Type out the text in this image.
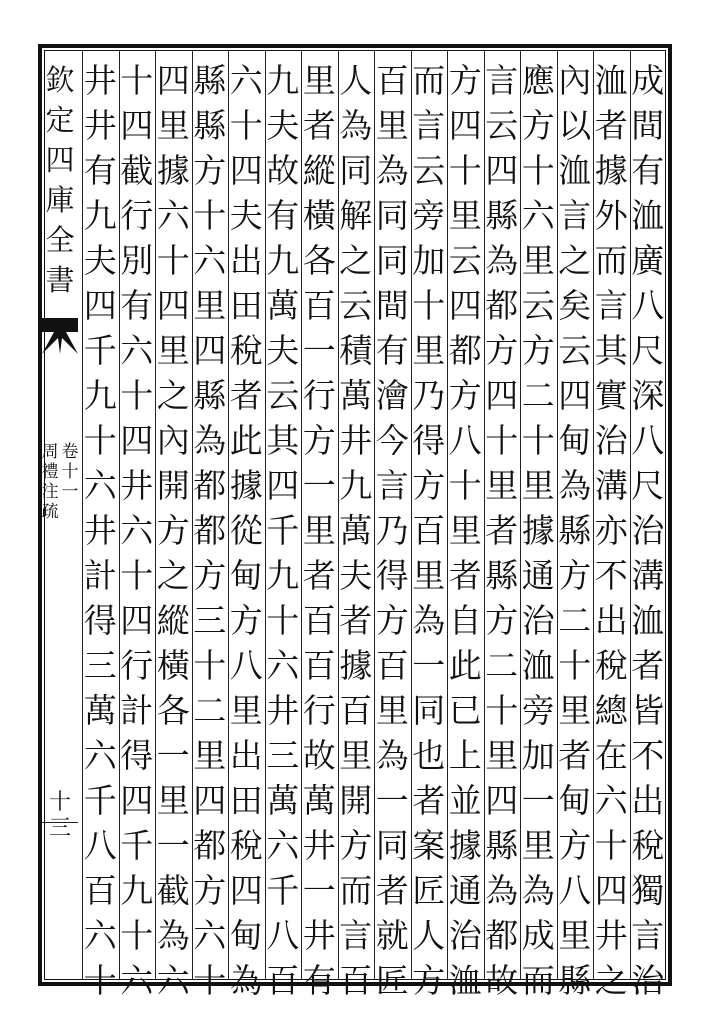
欽
定
四
庫
全
書
周
禮
注
疏
卷
十
一
十三
成
間
有
洫
廣
八
尺
深
八
尺
治
溝
洫
者
皆
不
出
稅
獨
言
治
洫
者
據
外
而
言
其
實
治
溝
亦
不
出
稅
總
在
六
十
四
井
之
內
以
洫
言
之
矣
云
四
甸
為
縣
方
二
十
里
者
甸
方
八
里
縣
應
方
十
六
里
云
方
二
十
里
據
通
治
洫
旁
加
一
里
為
成
而
言
云
四
縣
為
都
方
四
十
里
者
縣
方
二
十
里
四
縣
為
都
故
方
四
十
里
云
四
都
方
八
十
里
者
自
此
已
上
並
據
通
治
洫
而
言
云
旁
加
十
里
乃
得
方
百
里
為
一
同
也
者
案
匠
人
方
百
里
為
同
同
間
有
澮
今
言
乃
得
方
百
里
為
一
同
者
就
匠
人
為
同
解
之
云
積
萬
井
九
萬
夫
者
據
百
里
開
方
而
言
百
里
者
縱
橫
各
百
一
行
方
一
里
者
百
百
行
故
萬
井
一
井
有
九
夫
故
有
九
萬
夫
云
其
四
千
九
十
六
井
三
萬
六
千
八
百
六
十
四
夫
出
田
稅
者
此
據
從
甸
方
八
里
出
田
稅
四
甸
為
縣
縣
方
十
六
里
四
縣
為
都
都
方
三
十
二
里
四
都
方
六
十
四
里
據
六
十
四
里
之
內
開
方
之
縱
橫
各
一
里
一
截
為
六
十
四
截
行
別
有
六
十
四
井
六
十
四
行
計
得
四
千
九
十
六
井
井
有
九
夫
四
千
九
十
六
井
計
得
三
萬
六
千
八
百
六
十
